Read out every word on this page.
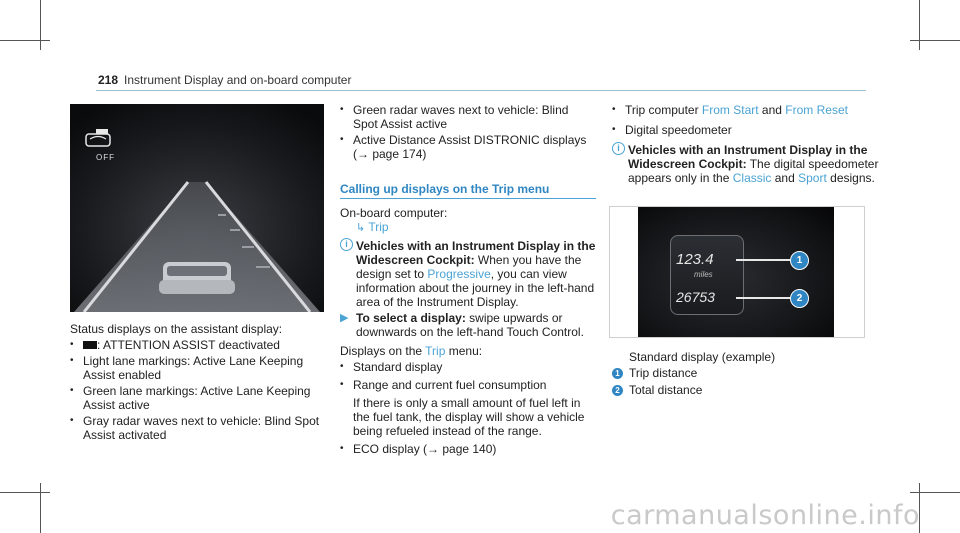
218 Instrument Display and on-board computer
OFF

Status displays on the assistant display:

• : ATTENTION ASSIST deactivated
• Light lane markings: Active Lane Keeping Assist enabled
• Green lane markings: Active Lane Keeping Assist active
• Gray radar waves next to vehicle: Blind Spot Assist activated
• Green radar waves next to vehicle: Blind Spot Assist active
• Active Distance Assist DISTRONIC displays (→ page 174)
Calling up displays on the Trip menu

On-board computer:

↳ Trip
i Vehicles with an Instrument Display in the Widescreen Cockpit: When you have the design set to Progressive, you can view information about the journey in the left-hand area of the Instrument Display.
▶ To select a display: swipe upwards or downwards on the left-hand Touch Control.

Displays on the Trip menu:

• Standard display
• Range and current fuel consumption
If there is only a small amount of fuel left in the fuel tank, the display will show a vehicle being refueled instead of the range.
• ECO display (→ page 140)
• Trip computer From Start and From Reset
• Digital speedometer
i Vehicles with an Instrument Display in the Widescreen Cockpit: The digital speedometer appears only in the Classic and Sport designs.
123.4
miles
26753
1
2

Standard display (example)

1 Trip distance
2 Total distance
carmanualsonline.info
